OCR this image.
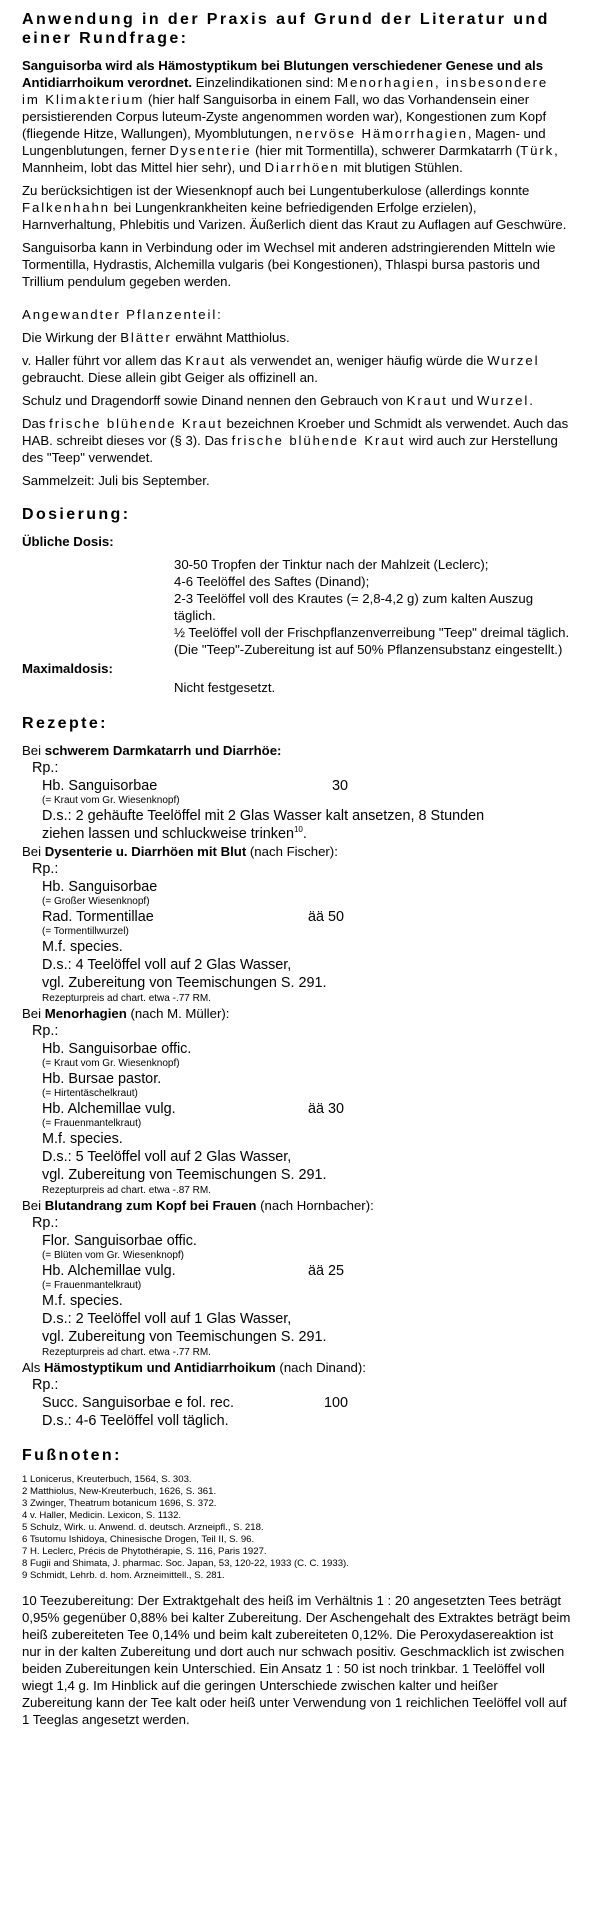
Anwendung in der Praxis auf Grund der Literatur und einer Rundfrage:

Sanguisorba wird als Hämostyptikum bei Blutungen verschiedener Genese und als Antidiarrhoikum verordnet. Einzelindikationen sind: Menorhagien, insbesondere im Klimakterium (hier half Sanguisorba in einem Fall, wo das Vorhandensein einer persistierenden Corpus luteum-Zyste angenommen worden war), Kongestionen zum Kopf (fliegende Hitze, Wallungen), Myomblutungen, nervöse Hämorrhagien, Magen- und Lungenblutungen, ferner Dysenterie (hier mit Tormentilla), schwerer Darmkatarrh (Türk, Mannheim, lobt das Mittel hier sehr), und Diarrhöen mit blutigen Stühlen.

Zu berücksichtigen ist der Wiesenknopf auch bei Lungentuberkulose (allerdings konnte Falkenhahn bei Lungenkrankheiten keine befriedigenden Erfolge erzielen), Harnverhaltung, Phlebitis und Varizen. Äußerlich dient das Kraut zu Auflagen auf Geschwüre.

Sanguisorba kann in Verbindung oder im Wechsel mit anderen adstringierenden Mitteln wie Tormentilla, Hydrastis, Alchemilla vulgaris (bei Kongestionen), Thlaspi bursa pastoris und Trillium pendulum gegeben werden.

Angewandter Pflanzenteil:

Die Wirkung der Blätter erwähnt Matthiolus.

v. Haller führt vor allem das Kraut als verwendet an, weniger häufig würde die Wurzel gebraucht. Diese allein gibt Geiger als offizinell an.

Schulz und Dragendorff sowie Dinand nennen den Gebrauch von Kraut und Wurzel.

Das frische blühende Kraut bezeichnen Kroeber und Schmidt als verwendet. Auch das HAB. schreibt dieses vor (§ 3). Das frische blühende Kraut wird auch zur Herstellung des "Teep" verwendet.

Sammelzeit: Juli bis September.

Dosierung:
Übliche Dosis:
30-50 Tropfen der Tinktur nach der Mahlzeit (Leclerc);
4-6 Teelöffel des Saftes (Dinand);
2-3 Teelöffel voll des Krautes (= 2,8-4,2 g) zum kalten Auszug täglich.
½ Teelöffel voll der Frischpflanzenverreibung "Teep" dreimal täglich.
(Die "Teep"-Zubereitung ist auf 50% Pflanzensubstanz eingestellt.)
Maximaldosis:
Nicht festgesetzt.
Rezepte:

Bei schwerem Darmkatarrh und Diarrhöe:

Rp.:
Hb. Sanguisorbae	30
(= Kraut vom Gr. Wiesenknopf)
D.s.: 2 gehäufte Teelöffel mit 2 Glas Wasser kalt ansetzen, 8 Stunden
ziehen lassen und schluckweise trinken$^{10}$.

Bei Dysenterie u. Diarrhöen mit Blut (nach Fischer):

Rp.:
Hb. Sanguisorbae
(= Großer Wiesenknopf)
Rad. Tormentillae	ää 50
(= Tormentillwurzel)
M.f. species.
D.s.: 4 Teelöffel voll auf 2 Glas Wasser,
vgl. Zubereitung von Teemischungen S. 291.
Rezepturpreis ad chart. etwa -.77 RM.

Bei Menorhagien (nach M. Müller):

Rp.:
Hb. Sanguisorbae offic.
(= Kraut vom Gr. Wiesenknopf)
Hb. Bursae pastor.
(= Hirtentäschelkraut)
Hb. Alchemillae vulg.	ää 30
(= Frauenmantelkraut)
M.f. species.
D.s.: 5 Teelöffel voll auf 2 Glas Wasser,
vgl. Zubereitung von Teemischungen S. 291.
Rezepturpreis ad chart. etwa -.87 RM.

Bei Blutandrang zum Kopf bei Frauen (nach Hornbacher):

Rp.:
Flor. Sanguisorbae offic.
(= Blüten vom Gr. Wiesenknopf)
Hb. Alchemillae vulg.	ää 25
(= Frauenmantelkraut)
M.f. species.
D.s.: 2 Teelöffel voll auf 1 Glas Wasser,
vgl. Zubereitung von Teemischungen S. 291.
Rezepturpreis ad chart. etwa -.77 RM.

Als Hämostyptikum und Antidiarrhoikum (nach Dinand):

Rp.:
Succ. Sanguisorbae e fol. rec.	100
D.s.: 4-6 Teelöffel voll täglich.
Fußnoten:
1 Lonicerus, Kreuterbuch, 1564, S. 303.
2 Matthiolus, New-Kreuterbuch, 1626, S. 361.
3 Zwinger, Theatrum botanicum 1696, S. 372.
4 v. Haller, Medicin. Lexicon, S. 1132.
5 Schulz, Wirk. u. Anwend. d. deutsch. Arzneipfl., S. 218.
6 Tsutomu Ishidoya, Chinesische Drogen, Teil II, S. 96.
7 H. Leclerc, Précis de Phytothérapie, S. 116, Paris 1927.
8 Fugii and Shimata, J. pharmac. Soc. Japan, 53, 120-22, 1933 (C. C. 1933).
9 Schmidt, Lehrb. d. hom. Arzneimittell., S. 281.

10 Teezubereitung: Der Extraktgehalt des heiß im Verhältnis 1 : 20 angesetzten Tees beträgt 0,95% gegenüber 0,88% bei kalter Zubereitung. Der Aschengehalt des Extraktes beträgt beim heiß zubereiteten Tee 0,14% und beim kalt zubereiteten 0,12%. Die Peroxydasereaktion ist nur in der kalten Zubereitung und dort auch nur schwach positiv. Geschmacklich ist zwischen beiden Zubereitungen kein Unterschied. Ein Ansatz 1 : 50 ist noch trinkbar. 1 Teelöffel voll wiegt 1,4 g. Im Hinblick auf die geringen Unterschiede zwischen kalter und heißer Zubereitung kann der Tee kalt oder heiß unter Verwendung von 1 reichlichen Teelöffel voll auf 1 Teeglas angesetzt werden.
